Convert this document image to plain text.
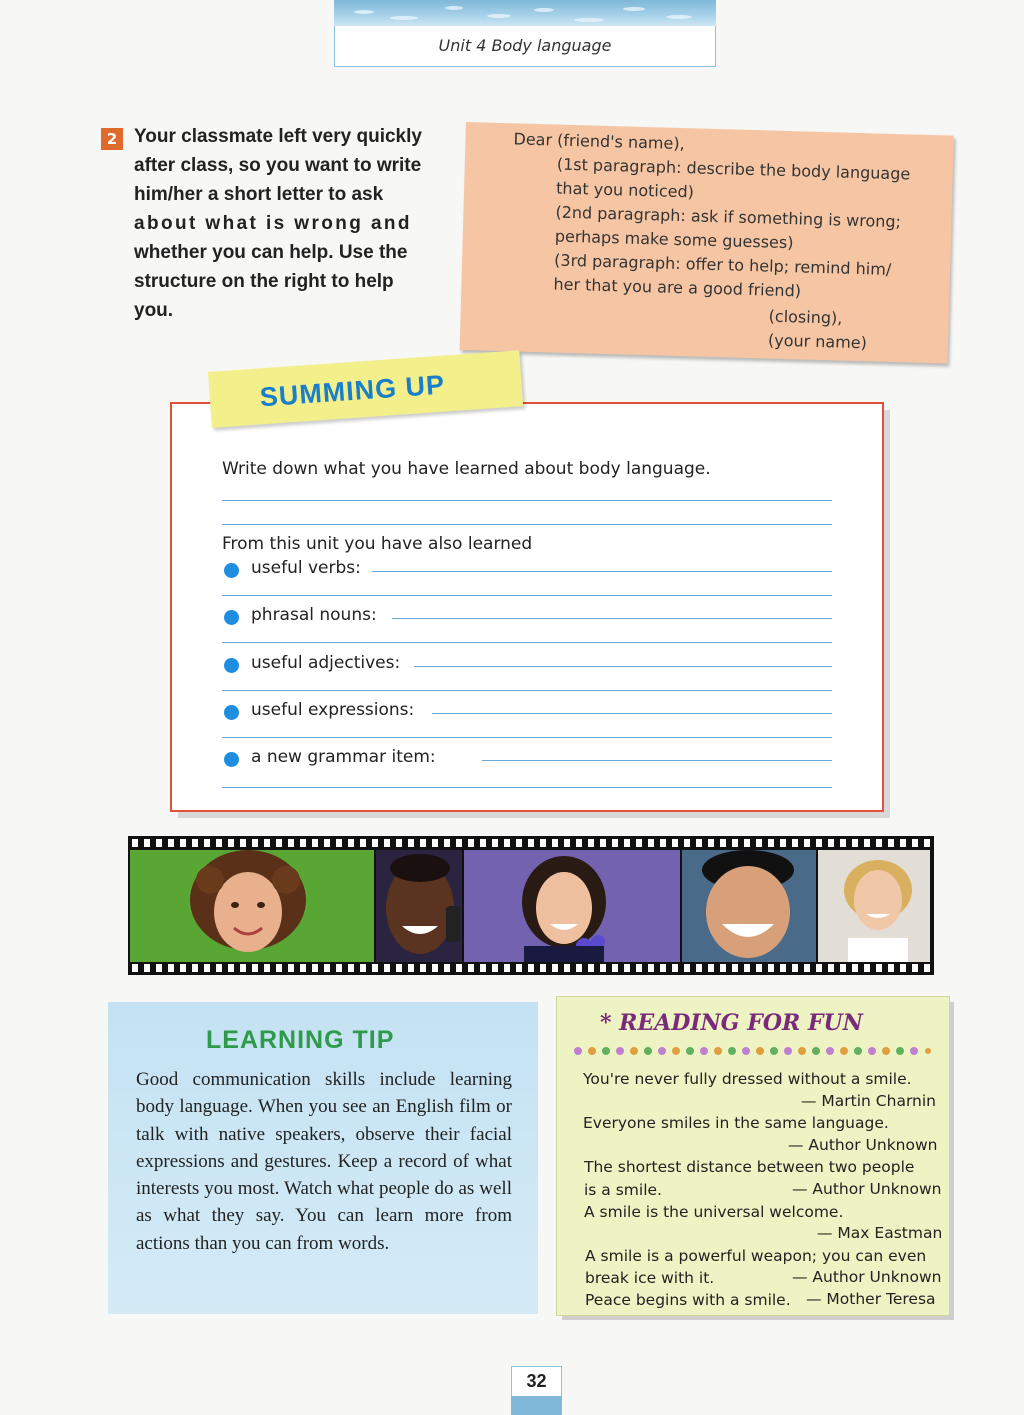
Unit 4 Body language
2 Your classmate left very quickly
after class, so you want to write
him/her a short letter to ask
about what is wrong and
whether you can help. Use the
structure on the right to help
you.
Dear (friend's name),
(1st paragraph: describe the body language
that you noticed)
(2nd paragraph: ask if something is wrong;
perhaps make some guesses)
(3rd paragraph: offer to help; remind him/
her that you are a good friend)
(closing),
(your name)
SUMMING UP
Write down what you have learned about body language.
From this unit you have also learned
useful verbs:
phrasal nouns:
useful adjectives:
useful expressions:
a new grammar item:
LEARNING TIP
Good communication skills include learning body language. When you see an English film or talk with native speakers, observe their facial expressions and gestures. Keep a record of what interests you most. Watch what people do as well as what they say. You can learn more from actions than you can from words.
* READING FOR FUN
You're never fully dressed without a smile.
— Martin Charnin
Everyone smiles in the same language.
— Author Unknown
The shortest distance between two people
is a smile.	— Author Unknown
A smile is the universal welcome.
— Max Eastman
A smile is a powerful weapon; you can even
break ice with it.	— Author Unknown
Peace begins with a smile. — Mother Teresa
32
